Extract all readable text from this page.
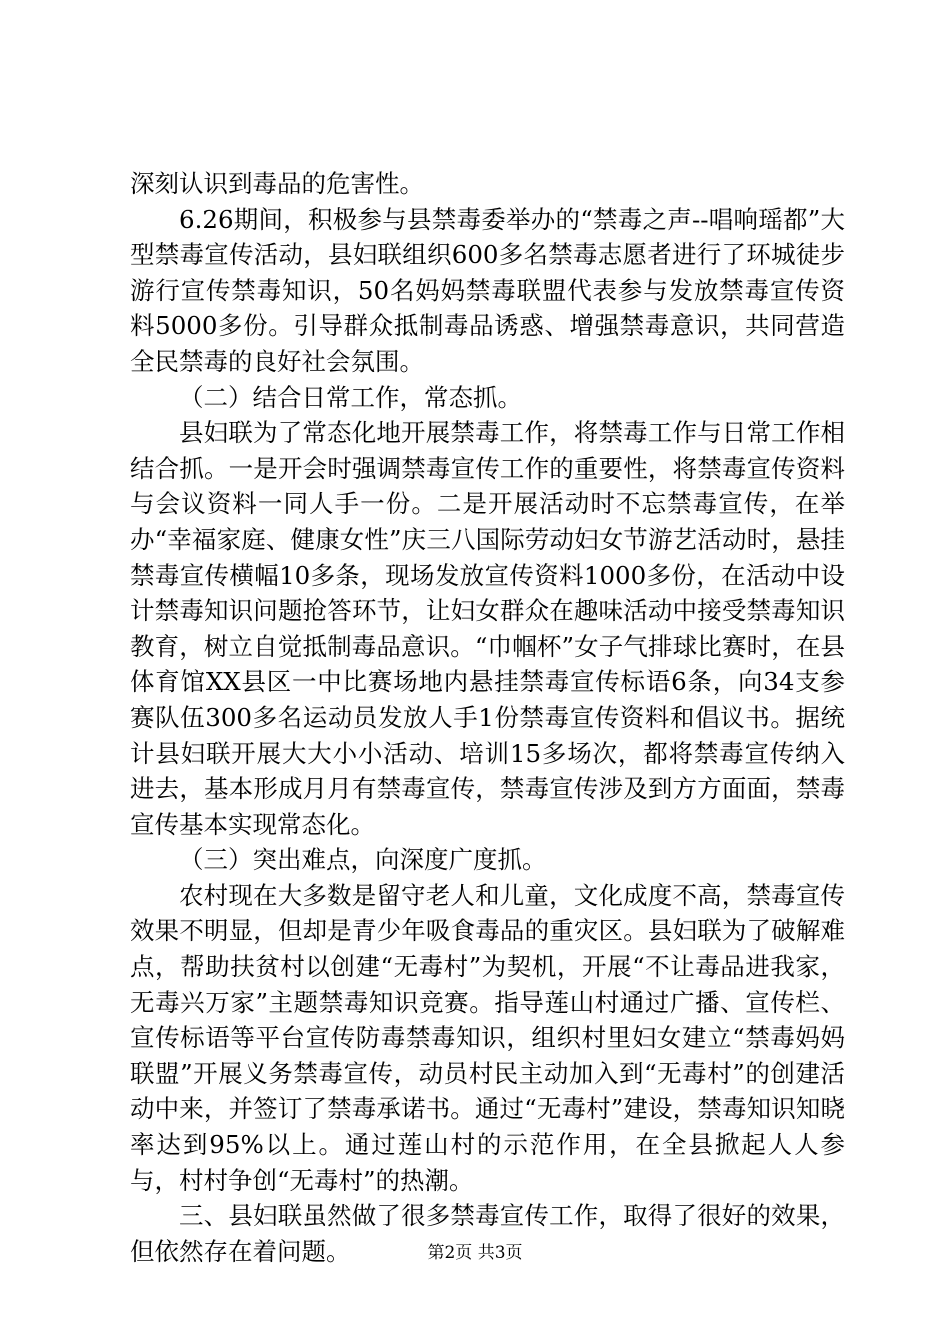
深刻认识到毒品的危害性。

6.26期间，积极参与县禁毒委举办的“禁毒之声--唱响瑶都”大型禁毒宣传活动，县妇联组织600多名禁毒志愿者进行了环城徒步游行宣传禁毒知识，50名妈妈禁毒联盟代表参与发放禁毒宣传资料5000多份。引导群众抵制毒品诱惑、增强禁毒意识，共同营造全民禁毒的良好社会氛围。

（二）结合日常工作，常态抓。

县妇联为了常态化地开展禁毒工作，将禁毒工作与日常工作相结合抓。一是开会时强调禁毒宣传工作的重要性，将禁毒宣传资料与会议资料一同人手一份。二是开展活动时不忘禁毒宣传，在举办“幸福家庭、健康女性”庆三八国际劳动妇女节游艺活动时，悬挂禁毒宣传横幅10多条，现场发放宣传资料1000多份，在活动中设计禁毒知识问题抢答环节，让妇女群众在趣味活动中接受禁毒知识教育，树立自觉抵制毒品意识。“巾帼杯”女子气排球比赛时，在县体育馆XX县区一中比赛场地内悬挂禁毒宣传标语6条，向34支参赛队伍300多名运动员发放人手1份禁毒宣传资料和倡议书。据统计县妇联开展大大小小活动、培训15多场次，都将禁毒宣传纳入进去，基本形成月月有禁毒宣传，禁毒宣传涉及到方方面面，禁毒宣传基本实现常态化。

（三）突出难点，向深度广度抓。

农村现在大多数是留守老人和儿童，文化成度不高，禁毒宣传效果不明显，但却是青少年吸食毒品的重灾区。县妇联为了破解难点，帮助扶贫村以创建“无毒村”为契机，开展“不让毒品进我家，无毒兴万家”主题禁毒知识竞赛。指导莲山村通过广播、宣传栏、宣传标语等平台宣传防毒禁毒知识，组织村里妇女建立“禁毒妈妈联盟”开展义务禁毒宣传，动员村民主动加入到“无毒村”的创建活动中来，并签订了禁毒承诺书。通过“无毒村”建设，禁毒知识知晓率达到95%以上。通过莲山村的示范作用，在全县掀起人人参与，村村争创“无毒村”的热潮。

三、县妇联虽然做了很多禁毒宣传工作，取得了很好的效果，但依然存在着问题。	第2页 共3页
